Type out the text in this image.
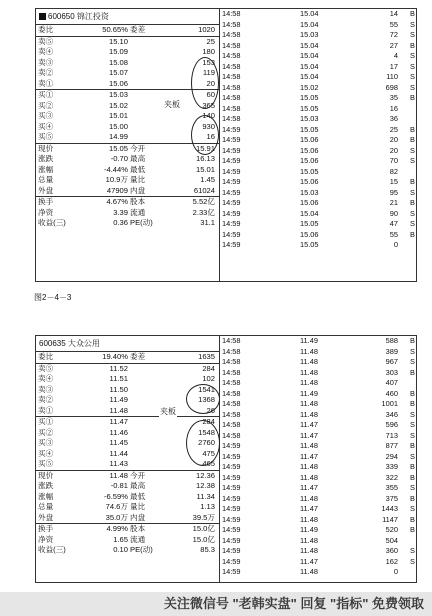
600650 锦江投资
委比	50.65% 委差	1020
卖⑤	15.10	25
卖④	15.09	180
卖③	15.08	153
卖②	15.07	119
卖①	15.06	20
买①	15.03	60
买②	15.02	365
买③	15.01	140
买④	15.00	930
买⑤	14.99	16
现价	15.05 今开	15.91
涨跌	-0.70 最高	16.13
涨幅	-4.44% 最低	15.01
总量	10.9万 量比	1.45
外盘	47909 内盘	61024
换手	4.67% 股本	5.52亿
净资	3.39 流通	2.33亿
收益(三)	0.36 PE(动)	31.1
夹板
14:58	15.04	14 B
14:58	15.04	55 S
14:58	15.03	72 S
14:58	15.04	27 B
14:58	15.04	4 S
14:58	15.04	17 S
14:58	15.04	110 S
14:58	15.02	698 S
14:58	15.05	35 B
14:58	15.05	16
14:58	15.03	36
14:59	15.05	25 B
14:59	15.06	20 B
14:59	15.06	20 S
14:59	15.06	70 S
14:59	15.05	82
14:59	15.06	15 B
14:59	15.03	95 S
14:59	15.06	21 B
14:59	15.04	90 S
14:59	15.05	47 S
14:59	15.06	55 B
14:59	15.05	0
图2－4－3
600635 大众公用
委比	19.40% 委差	1635
卖⑤	11.52	284
卖④	11.51	102
卖③	11.50	1541
卖②	11.49	1368
卖①	11.48	26
买①	11.47	284
买②	11.46	1548
买③	11.45	2760
买④	11.44	475
买⑤	11.43	465
现价	11.48 今开	12.36
涨跌	-0.81 最高	12.38
涨幅	-6.59% 最低	11.34
总量	74.6万 量比	1.13
外盘	35.0万 内盘	39.5万
换手	4.99% 股本	15.0亿
净资	1.65 流通	15.0亿
收益(三)	0.10 PE(动)	85.3
夹板
14:58	11.49	588 B
14:58	11.48	389 S
14:58	11.48	967 S
14:58	11.48	303 B
14:58	11.48	407
14:58	11.49	460 B
14:58	11.48	1001 B
14:58	11.48	346 S
14:58	11.47	596 S
14:58	11.47	713 S
14:59	11.48	877 B
14:59	11.47	294 S
14:59	11.48	339 B
14:59	11.48	322 B
14:59	11.47	355 S
14:59	11.48	375 B
14:59	11.47	1443 S
14:59	11.48	1147 B
14:59	11.49	520 B
14:59	11.48	504
14:59	11.48	360 S
14:59	11.47	162 S
14:59	11.48	0
关注微信号 "老韩实盘" 回复 "指标" 免费领取
